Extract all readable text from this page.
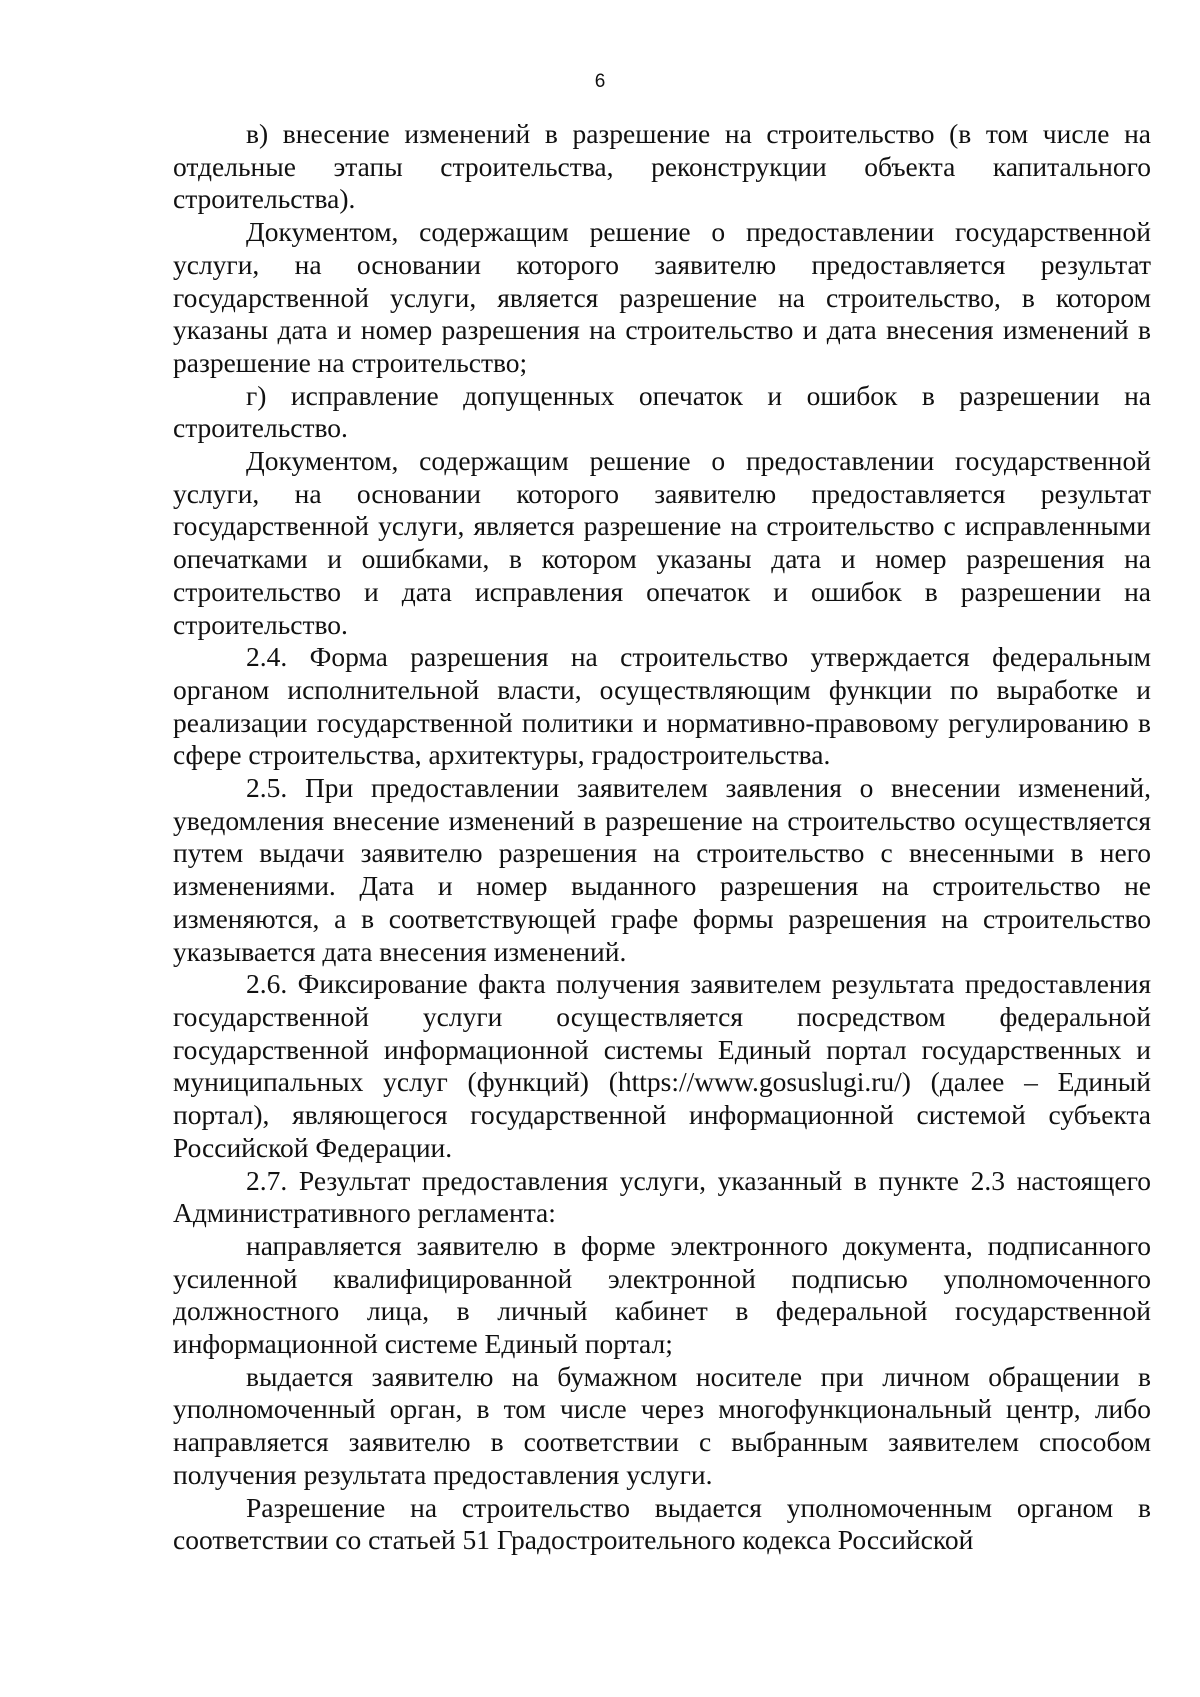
6

в) внесение изменений в разрешение на строительство (в том числе на отдельные этапы строительства, реконструкции объекта капитального строительства).

Документом, содержащим решение о предоставлении государственной услуги, на основании которого заявителю предоставляется результат государственной услуги, является разрешение на строительство, в котором указаны дата и номер разрешения на строительство и дата внесения изменений в разрешение на строительство;

г) исправление допущенных опечаток и ошибок в разрешении на строительство.

Документом, содержащим решение о предоставлении государственной услуги, на основании которого заявителю предоставляется результат государственной услуги, является разрешение на строительство с исправленными опечатками и ошибками, в котором указаны дата и номер разрешения на строительство и дата исправления опечаток и ошибок в разрешении на строительство.

2.4. Форма разрешения на строительство утверждается федеральным органом исполнительной власти, осуществляющим функции по выработке и реализации государственной политики и нормативно-правовому регулированию в сфере строительства, архитектуры, градостроительства.

2.5. При предоставлении заявителем заявления о внесении изменений, уведомления внесение изменений в разрешение на строительство осуществляется путем выдачи заявителю разрешения на строительство с внесенными в него изменениями. Дата и номер выданного разрешения на строительство не изменяются, а в соответствующей графе формы разрешения на строительство указывается дата внесения изменений.

2.6. Фиксирование факта получения заявителем результата предоставления государственной услуги осуществляется посредством федеральной государственной информационной системы Единый портал государственных и муниципальных услуг (функций) (https://www.gosuslugi.ru/) (далее – Единый портал), являющегося государственной информационной системой субъекта Российской Федерации.

2.7. Результат предоставления услуги, указанный в пункте 2.3 настоящего Административного регламента:

направляется заявителю в форме электронного документа, подписанного усиленной квалифицированной электронной подписью уполномоченного должностного лица, в личный кабинет в федеральной государственной информационной системе Единый портал;

выдается заявителю на бумажном носителе при личном обращении в уполномоченный орган, в том числе через многофункциональный центр, либо направляется заявителю в соответствии с выбранным заявителем способом получения результата предоставления услуги.

Разрешение на строительство выдается уполномоченным органом в соответствии со статьей 51 Градостроительного кодекса Российской
